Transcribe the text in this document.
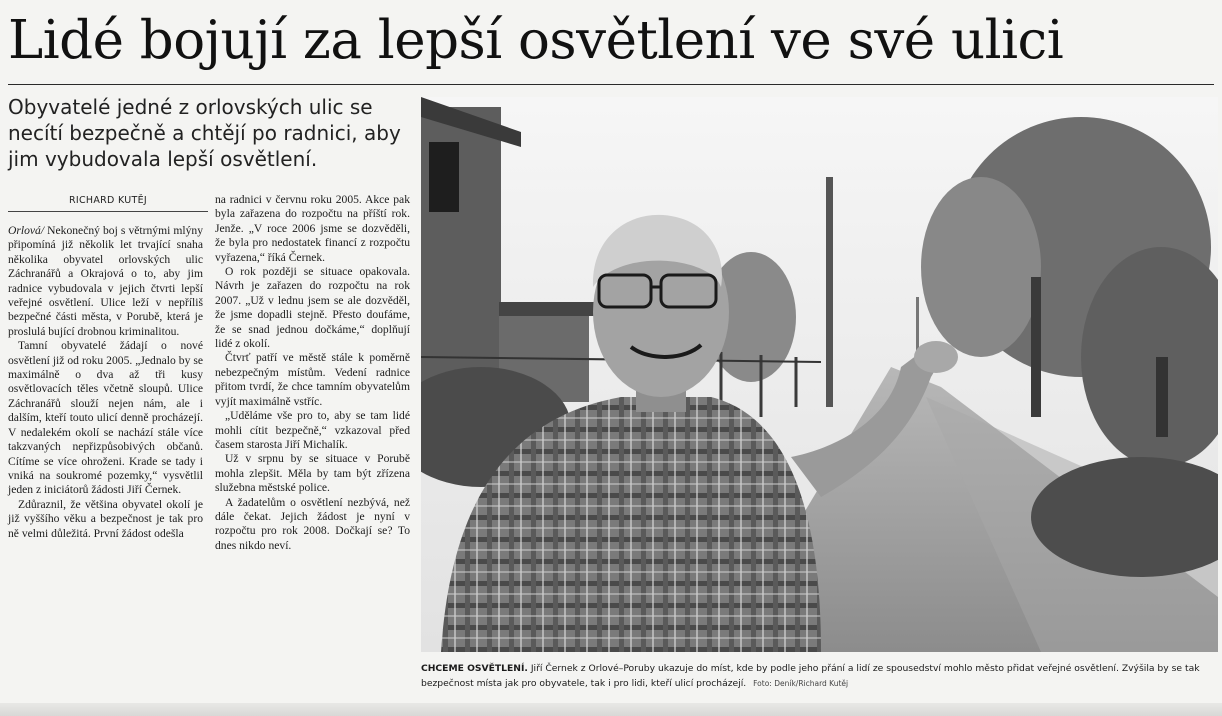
Lidé bojují za lepší osvětlení ve své ulici
Obyvatelé jedné z orlovských ulic se necítí bezpečně a chtějí po radnici, aby jim vybudovala lepší osvětlení.
RICHARD KUTĚJ

Orlová/ Nekonečný boj s větrnými mlýny připomíná již několik let trvající snaha několika obyvatel orlovských ulic Záchranářů a Okrajová o to, aby jim radnice vybudovala v jejich čtvrti lepší veřejné osvětlení. Ulice leží v nepříliš bezpečné části města, v Porubě, která je proslulá bující drobnou kriminalitou.

Tamní obyvatelé žádají o nové osvětlení již od roku 2005. „Jednalo by se maximálně o dva až tři kusy osvětlovacích těles včetně sloupů. Ulice Záchranářů slouží nejen nám, ale i dalším, kteří touto ulicí denně procházejí. V nedalekém okolí se nachází stále více takzvaných nepřizpůsobivých občanů. Cítíme se více ohroženi. Krade se tady i vniká na soukromé pozemky,“ vysvětlil jeden z iniciátorů žádosti Jiří Černek.

Zdůraznil, že většina obyvatel okolí je již vyššího věku a bezpečnost je tak pro ně velmi důležitá. První žádost odešla

na radnici v červnu roku 2005. Akce pak byla zařazena do rozpočtu na příští rok. Jenže. „V roce 2006 jsme se dozvěděli, že byla pro nedostatek financí z rozpočtu vyřazena,“ říká Černek.

O rok později se situace opakovala. Návrh je zařazen do rozpočtu na rok 2007. „Už v lednu jsem se ale dozvěděl, že jsme dopadli stejně. Přesto doufáme, že se snad jednou dočkáme,“ doplňují lidé z okolí.

Čtvrť patří ve městě stále k poměrně nebezpečným místům. Vedení radnice přitom tvrdí, že chce tamním obyvatelům vyjít maximálně vstříc.

„Uděláme vše pro to, aby se tam lidé mohli cítit bezpečně,“ vzkazoval před časem starosta Jiří Michalík.

Už v srpnu by se situace v Porubě mohla zlepšit. Měla by tam být zřízena služebna městské police.

A žadatelům o osvětlení nezbývá, než dále čekat. Jejich žádost je nyní v rozpočtu pro rok 2008. Dočkají se? To dnes nikdo neví.

CHCEME OSVĚTLENÍ. Jiří Černek z Orlové–Poruby ukazuje do míst, kde by podle jeho přání a lidí ze spousedství mohlo město přidat veřejné osvětlení. Zvýšila by se tak bezpečnost místa jak pro obyvatele, tak i pro lidi, kteří ulicí procházejí. Foto: Deník/Richard Kutěj
